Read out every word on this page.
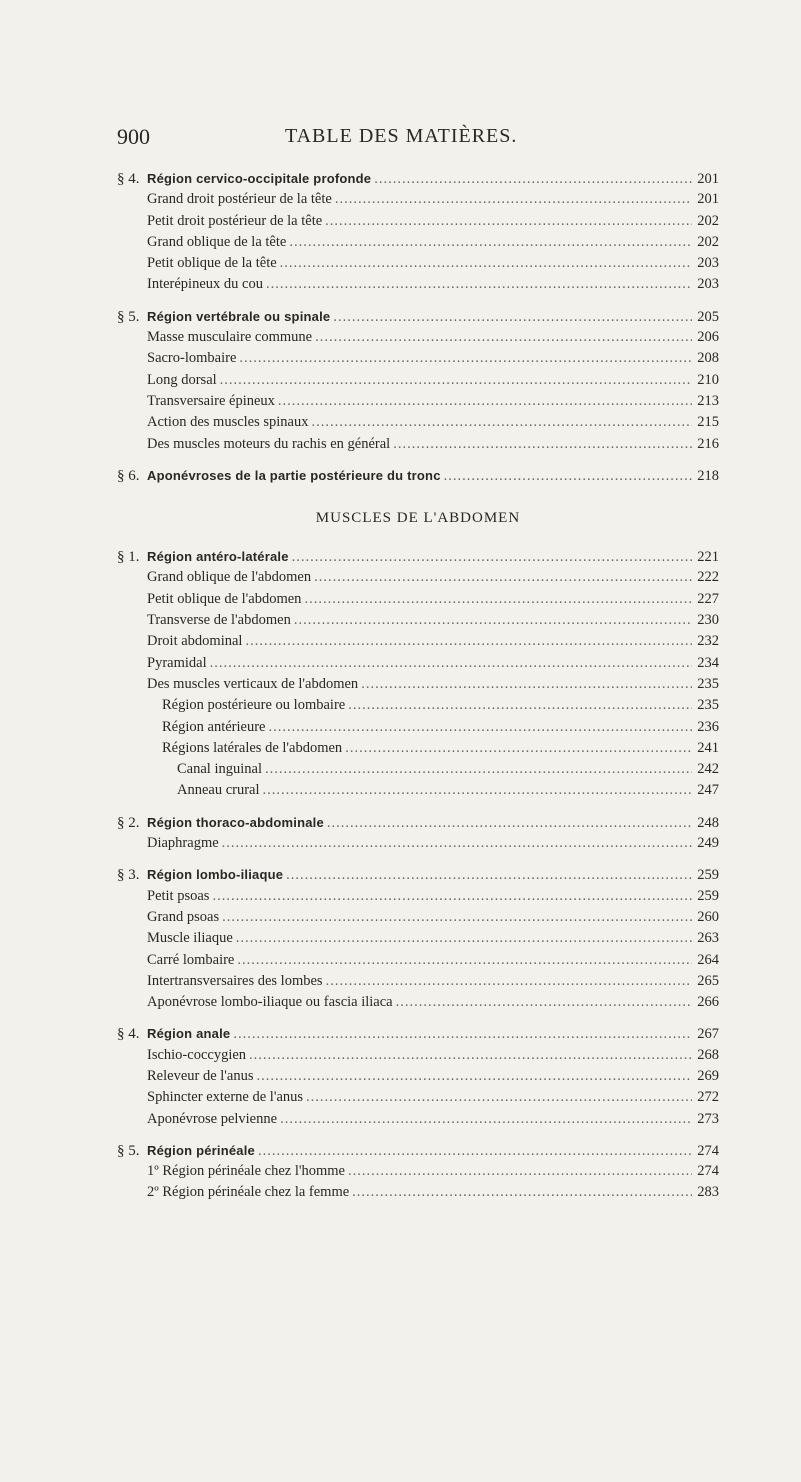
900	TABLE DES MATIÈRES.
§ 4. Région cervico-occipitale profonde .....	201
Grand droit postérieur de la tête .....	201
Petit droit postérieur de la tête .....	202
Grand oblique de la tête .....	202
Petit oblique de la tête .....	203
Interépineux du cou .....	203
§ 5. Région vertébrale ou spinale .....	205
Masse musculaire commune .....	206
Sacro-lombaire .....	208
Long dorsal .....	210
Transversaire épineux .....	213
Action des muscles spinaux .....	215
Des muscles moteurs du rachis en général .....	216
§ 6. Aponévroses de la partie postérieure du tronc .....	218
MUSCLES DE L'ABDOMEN
§ 1. Région antéro-latérale .....	221
Grand oblique de l'abdomen .....	222
Petit oblique de l'abdomen .....	227
Transverse de l'abdomen .....	230
Droit abdominal .....	232
Pyramidal .....	234
Des muscles verticaux de l'abdomen .....	235
Région postérieure ou lombaire .....	235
Région antérieure .....	236
Régions latérales de l'abdomen .....	241
Canal inguinal .....	242
Anneau crural .....	247
§ 2. Région thoraco-abdominale .....	248
Diaphragme .....	249
§ 3. Région lombo-iliaque .....	259
Petit psoas .....	259
Grand psoas .....	260
Muscle iliaque .....	263
Carré lombaire .....	264
Intertransversaires des lombes .....	265
Aponévrose lombo-iliaque ou fascia iliaca .....	266
§ 4. Région anale .....	267
Ischio-coccygien .....	268
Releveur de l'anus .....	269
Sphincter externe de l'anus .....	272
Aponévrose pelvienne .....	273
§ 5. Région périnéale .....	274
1º Région périnéale chez l'homme .....	274
2º Région périnéale chez la femme .....	283
